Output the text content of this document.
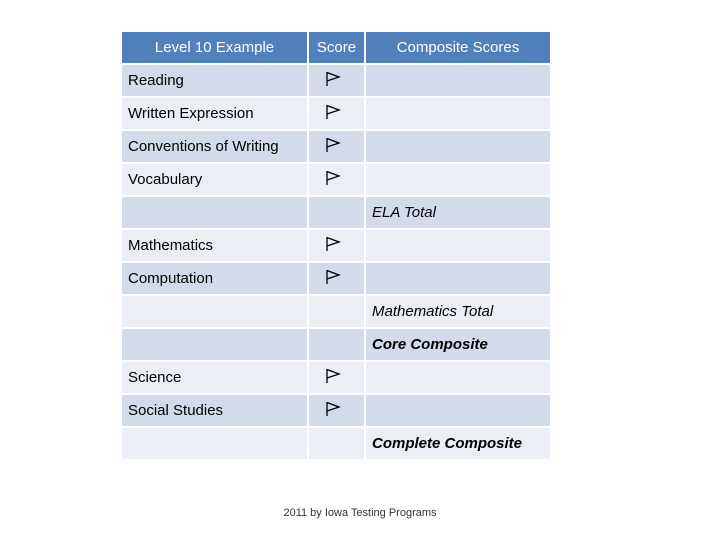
Level 10 Example	Score	Composite Scores
Reading		
Written Expression		
Conventions of Writing		
Vocabulary		
		ELA Total
Mathematics		
Computation		
		Mathematics Total
		Core Composite
Science		
Social Studies		
		Complete Composite
2011 by Iowa Testing Programs
